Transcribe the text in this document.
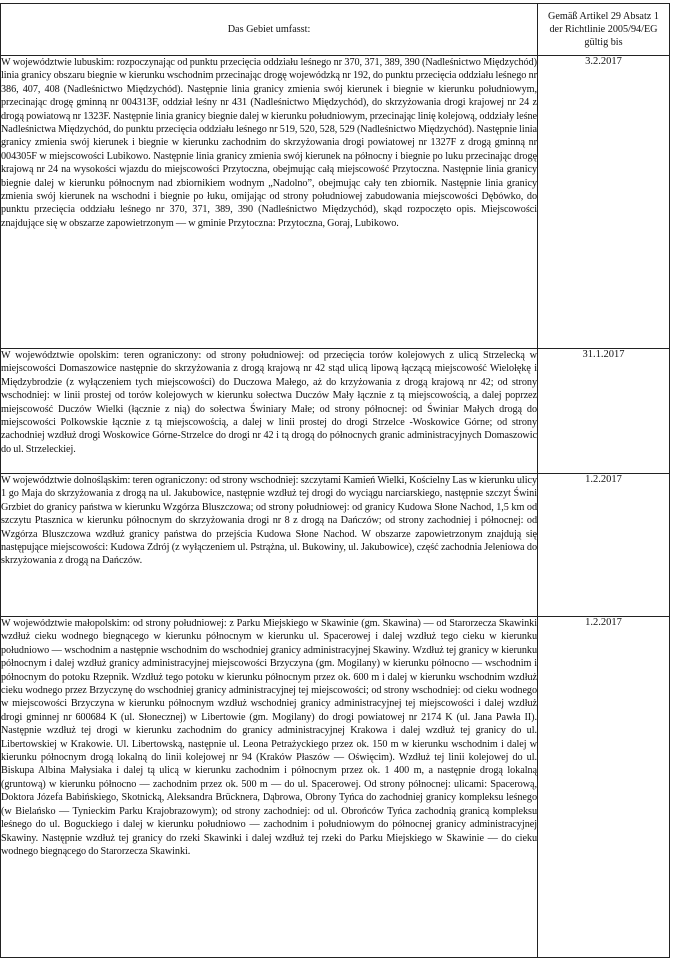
Das Gebiet umfasst:	Gemäß Artikel 29 Absatz 1
der Richtlinie 2005/94/EG
gültig bis

W województwie lubuskim: rozpoczynając od punktu przecięcia oddziału leśnego nr 370, 371, 389, 390 (Nadleśnictwo Międzychód) linia granicy obszaru biegnie w kierunku wschodnim przecinając drogę wojewódzką nr 192, do punktu przecięcia oddziału leśnego nr 386, 407, 408 (Nadleśnictwo Międzychód). Następnie linia granicy zmienia swój kierunek i biegnie w kierunku południowym, przecinając drogę gminną nr 004313F, oddział leśny nr 431 (Nadleśnictwo Międzychód), do skrzyżowania drogi krajowej nr 24 z drogą powiatową nr 1323F. Następnie linia granicy biegnie dalej w kierunku południowym, przecinając linię kolejową, oddziały leśne Nadleśnictwa Międzychód, do punktu przecięcia oddziału leśnego nr 519, 520, 528, 529 (Nadleśnictwo Międzychód). Następnie linia granicy zmienia swój kierunek i biegnie w kierunku zachodnim do skrzyżowania drogi powiatowej nr 1327F z drogą gminną nr 004305F w miejscowości Lubikowo. Następnie linia granicy zmienia swój kierunek na północny i biegnie po luku przecinając drogę krajową nr 24 na wysokości wjazdu do miejscowości Przytoczna, obejmując całą miejscowość Przytoczna. Następnie linia granicy biegnie dalej w kierunku północnym nad zbiornikiem wodnym „Nadolno”, obejmując cały ten zbiornik. Następnie linia granicy zmienia swój kierunek na wschodni i biegnie po łuku, omijając od strony południowej zabudowania miejscowości Dębówko, do punktu przecięcia oddziału leśnego nr 370, 371, 389, 390 (Nadleśnictwo Międzychód), skąd rozpoczęto opis. Miejscowości znajdujące się w obszarze zapowietrzonym — w gminie Przytoczna: Przytoczna, Goraj, Lubikowo.	3.2.2017
W województwie opolskim: teren ograniczony: od strony południowej: od przecięcia torów kolejowych z ulicą Strzelecką w miejscowości Domaszowice następnie do skrzyżowania z drogą krajową nr 42 stąd ulicą lipową łączącą miejscowość Wielołękę i Międzybrodzie (z wyłączeniem tych miejscowości) do Duczowa Małego, aż do krzyżowania z drogą krajową nr 42; od strony wschodniej: w linii prostej od torów kolejowych w kierunku sołectwa Duczów Mały łącznie z tą miejscowością, a dalej poprzez miejscowość Duczów Wielki (łącznie z nią) do sołectwa Świniary Małe; od strony północnej: od Świniar Małych drogą do miejscowości Polkowskie łącznie z tą miejscowością, a dalej w linii prostej do drogi Strzelce -Woskowice Górne; od strony zachodniej wzdłuż drogi Woskowice Górne-Strzelce do drogi nr 42 i tą drogą do północnych granic administracyjnych Domaszowic do ul. Strzeleckiej.	31.1.2017
W województwie dolnośląskim: teren ograniczony: od strony wschodniej: szczytami Kamień Wielki, Kościelny Las w kierunku ulicy 1 go Maja do skrzyżowania z drogą na ul. Jakubowice, następnie wzdłuż tej drogi do wyciągu narciarskiego, następnie szczyt Świni Grzbiet do granicy państwa w kierunku Wzgórza Bluszczowa; od strony południowej: od granicy Kudowa Słone Nachod, 1,5 km od szczytu Ptasznica w kierunku północnym do skrzyżowania drogi nr 8 z drogą na Dańczów; od strony zachodniej i północnej: od Wzgórza Bluszczowa wzdłuż granicy państwa do przejścia Kudowa Słone Nachod. W obszarze zapowietrzonym znajdują się następujące miejscowości: Kudowa Zdrój (z wyłączeniem ul. Pstrążna, ul. Bukowiny, ul. Jakubowice), część zachodnia Jeleniowa do skrzyżowania z drogą na Dańczów.	1.2.2017
W województwie małopolskim: od strony południowej: z Parku Miejskiego w Skawinie (gm. Skawina) — od Starorzecza Skawinki wzdłuż cieku wodnego biegnącego w kierunku północnym w kierunku ul. Spacerowej i dalej wzdłuż tego cieku w kierunku południowo — wschodnim a następnie wschodnim do wschodniej granicy administracyjnej Skawiny. Wzdłuż tej granicy w kierunku północnym i dalej wzdłuż granicy administracyjnej miejscowości Brzyczyna (gm. Mogilany) w kierunku północno — wschodnim i północnym do potoku Rzepnik. Wzdłuż tego potoku w kierunku północnym przez ok. 600 m i dalej w kierunku wschodnim wzdłuż cieku wodnego przez Brzyczynę do wschodniej granicy administracyjnej tej miejscowości; od strony wschodniej: od cieku wodnego w miejscowości Brzyczyna w kierunku północnym wzdłuż wschodniej granicy administracyjnej tej miejscowości i dalej wzdłuż drogi gminnej nr 600684 K (ul. Słonecznej) w Libertowie (gm. Mogilany) do drogi powiatowej nr 2174 K (ul. Jana Pawła II). Następnie wzdłuż tej drogi w kierunku zachodnim do granicy administracyjnej Krakowa i dalej wzdłuż tej granicy do ul. Libertowskiej w Krakowie. Ul. Libertowską, następnie ul. Leona Petrażyckiego przez ok. 150 m w kierunku wschodnim i dalej w kierunku północnym drogą lokalną do linii kolejowej nr 94 (Kraków Płaszów — Oświęcim). Wzdłuż tej linii kolejowej do ul. Biskupa Albina Małysiaka i dalej tą ulicą w kierunku zachodnim i północnym przez ok. 1 400 m, a następnie drogą lokalną (gruntową) w kierunku północno — zachodnim przez ok. 500 m — do ul. Spacerowej. Od strony północnej: ulicami: Spacerową, Doktora Józefa Babińskiego, Skotnicką, Aleksandra Brücknera, Dąbrowa, Obrony Tyńca do zachodniej granicy kompleksu leśnego (w Bielańsko — Tynieckim Parku Krajobrazowym); od strony zachodniej: od ul. Obrońców Tyńca zachodnią granicą kompleksu leśnego do ul. Boguckiego i dalej w kierunku południowo — zachodnim i południowym do północnej granicy administracyjnej Skawiny. Następnie wzdłuż tej granicy do rzeki Skawinki i dalej wzdłuż tej rzeki do Parku Miejskiego w Skawinie — do cieku wodnego biegnącego do Starorzecza Skawinki.	1.2.2017
